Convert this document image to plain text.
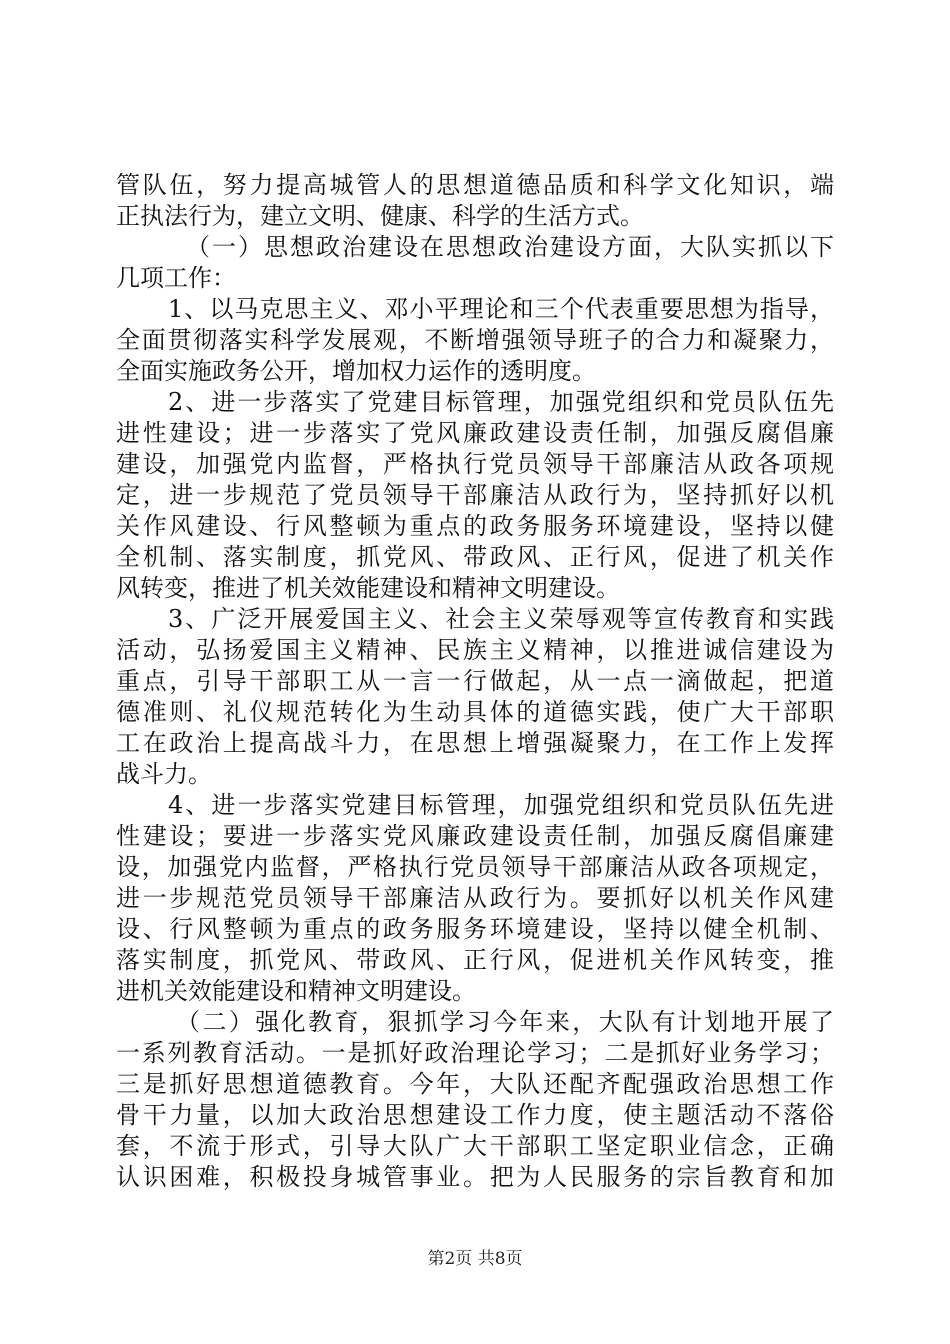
管队伍，努力提高城管人的思想道德品质和科学文化知识，端
正执法行为，建立文明、健康、科学的生活方式。
（一）思想政治建设在思想政治建设方面，大队实抓以下
几项工作：
1、以马克思主义、邓小平理论和三个代表重要思想为指导，
全面贯彻落实科学发展观，不断增强领导班子的合力和凝聚力，
全面实施政务公开，增加权力运作的透明度。
2、进一步落实了党建目标管理，加强党组织和党员队伍先
进性建设；进一步落实了党风廉政建设责任制，加强反腐倡廉
建设，加强党内监督，严格执行党员领导干部廉洁从政各项规
定，进一步规范了党员领导干部廉洁从政行为，坚持抓好以机
关作风建设、行风整顿为重点的政务服务环境建设，坚持以健
全机制、落实制度，抓党风、带政风、正行风，促进了机关作
风转变，推进了机关效能建设和精神文明建设。
3、广泛开展爱国主义、社会主义荣辱观等宣传教育和实践
活动，弘扬爱国主义精神、民族主义精神，以推进诚信建设为
重点，引导干部职工从一言一行做起，从一点一滴做起，把道
德准则、礼仪规范转化为生动具体的道德实践，使广大干部职
工在政治上提高战斗力，在思想上增强凝聚力，在工作上发挥
战斗力。
4、进一步落实党建目标管理，加强党组织和党员队伍先进
性建设；要进一步落实党风廉政建设责任制，加强反腐倡廉建
设，加强党内监督，严格执行党员领导干部廉洁从政各项规定，
进一步规范党员领导干部廉洁从政行为。要抓好以机关作风建
设、行风整顿为重点的政务服务环境建设，坚持以健全机制、
落实制度，抓党风、带政风、正行风，促进机关作风转变，推
进机关效能建设和精神文明建设。
（二）强化教育，狠抓学习今年来，大队有计划地开展了
一系列教育活动。一是抓好政治理论学习；二是抓好业务学习；
三是抓好思想道德教育。今年，大队还配齐配强政治思想工作
骨干力量，以加大政治思想建设工作力度，使主题活动不落俗
套，不流于形式，引导大队广大干部职工坚定职业信念，正确
认识困难，积极投身城管事业。把为人民服务的宗旨教育和加
第2页 共8页
